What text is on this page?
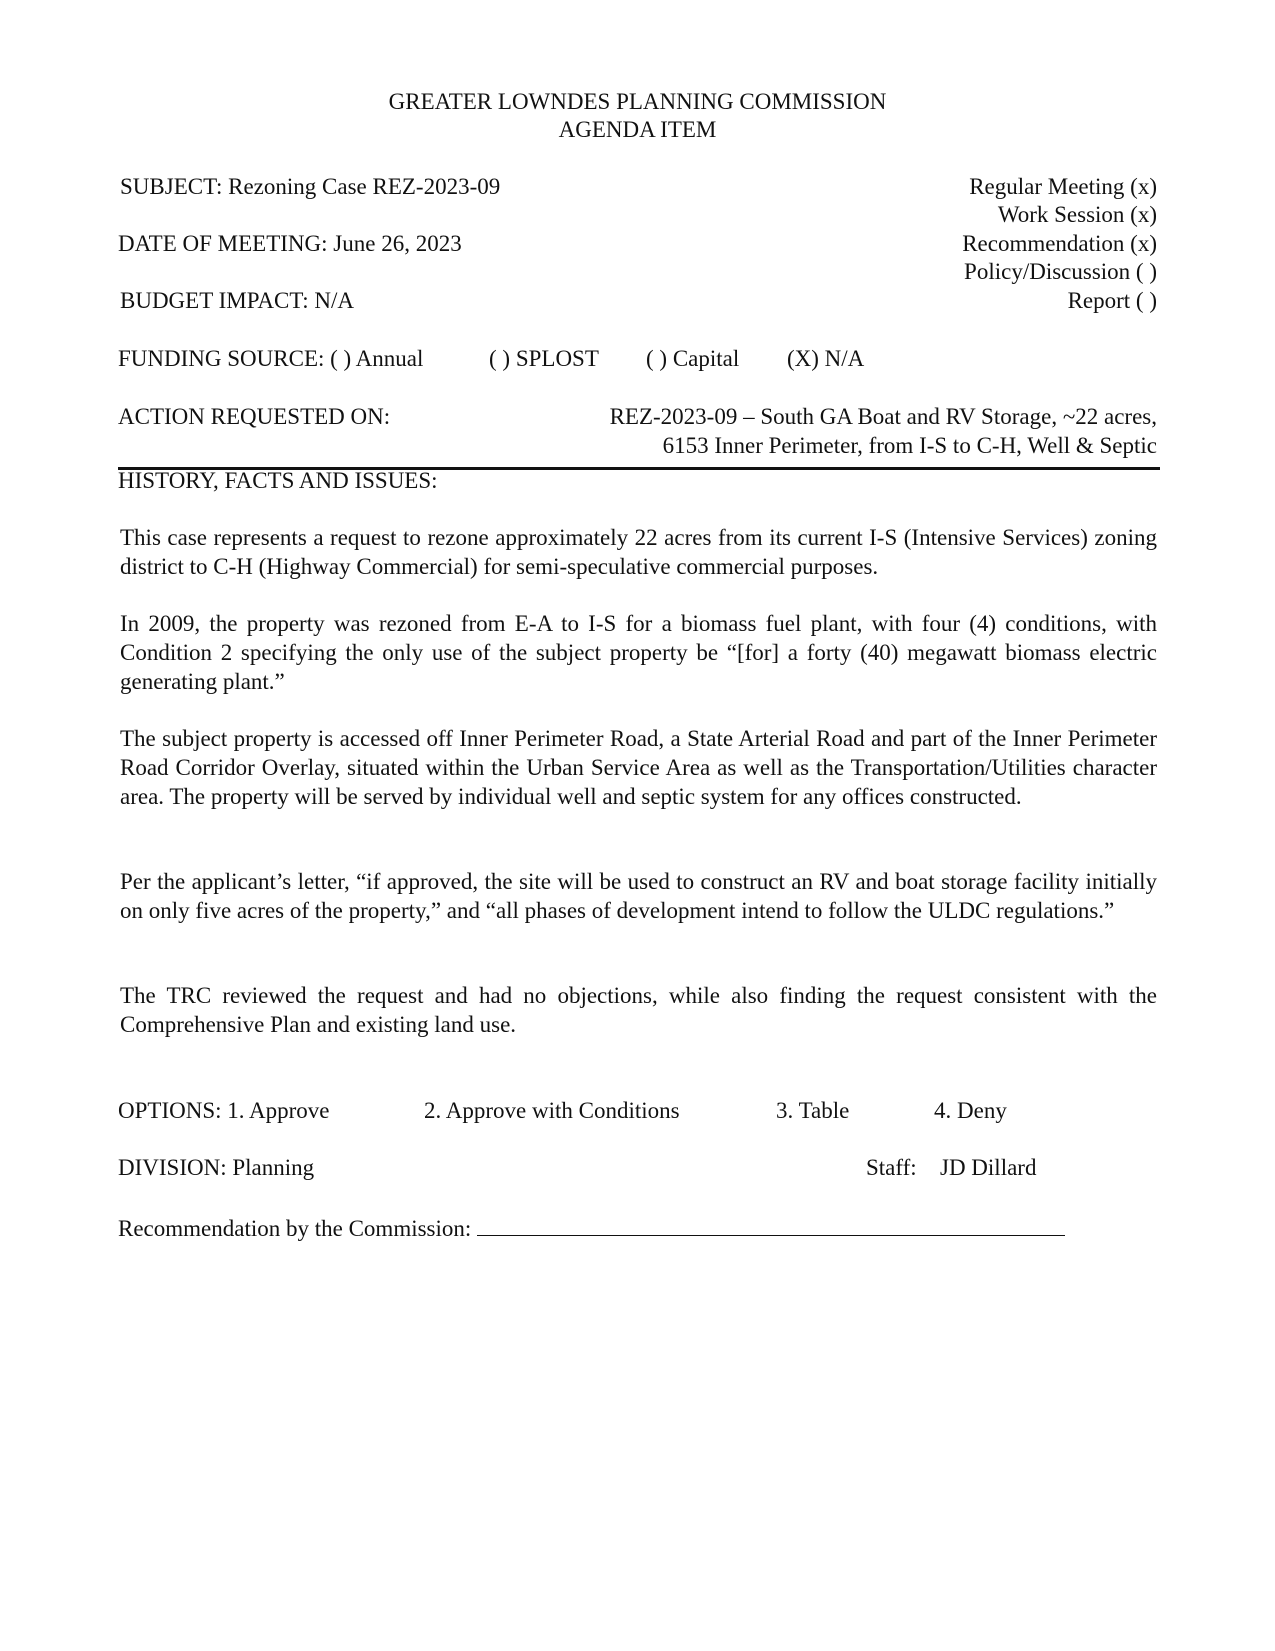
GREATER LOWNDES PLANNING COMMISSION
AGENDA ITEM
SUBJECT: Rezoning Case REZ-2023-09
DATE OF MEETING: June 26, 2023
BUDGET IMPACT: N/A
Regular Meeting (x)
Work Session (x)
Recommendation (x)
Policy/Discussion ( )
Report ( )
FUNDING SOURCE: ( ) Annual	( ) SPLOST ( ) Capital (X) N/A
ACTION REQUESTED ON:	REZ-2023-09 – South GA Boat and RV Storage, ~22 acres,
6153 Inner Perimeter, from I-S to C-H, Well & Septic
HISTORY, FACTS AND ISSUES:

This case represents a request to rezone approximately 22 acres from its current I-S (Intensive Services) zoning district to C-H (Highway Commercial) for semi-speculative commercial purposes.

In 2009, the property was rezoned from E-A to I-S for a biomass fuel plant, with four (4) conditions, with Condition 2 specifying the only use of the subject property be “[for] a forty (40) megawatt biomass electric generating plant.”

The subject property is accessed off Inner Perimeter Road, a State Arterial Road and part of the Inner Perimeter Road Corridor Overlay, situated within the Urban Service Area as well as the Transportation/Utilities character area. The property will be served by individual well and septic system for any offices constructed.

Per the applicant’s letter, “if approved, the site will be used to construct an RV and boat storage facility initially on only five acres of the property,” and “all phases of development intend to follow the ULDC regulations.”

The TRC reviewed the request and had no objections, while also finding the request consistent with the Comprehensive Plan and existing land use.

OPTIONS: 1. Approve	2. Approve with Conditions	3. Table	4. Deny
DIVISION: Planning	Staff: JD Dillard
Recommendation by the Commission:
